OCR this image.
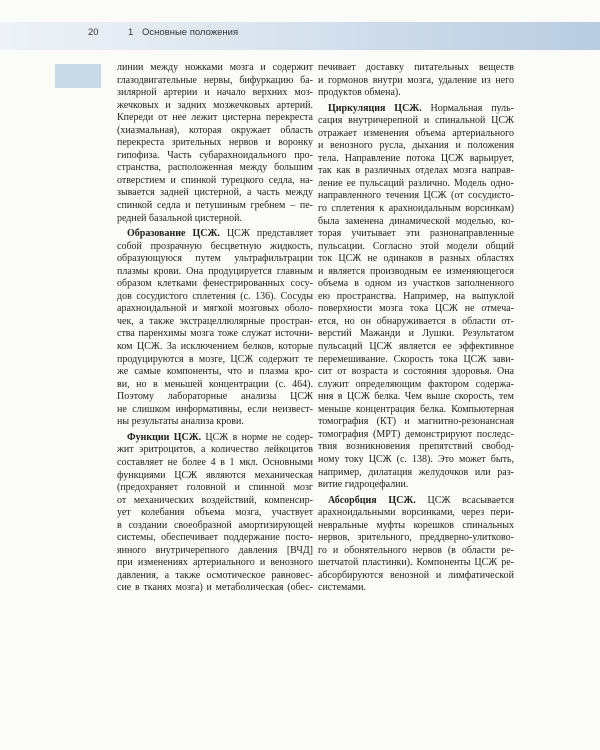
20	1 Основные положения
линии между ножками мозга и содержит
глазодвигательные нервы, бифуркацию ба-
зилярной артерии и начало верхних моз-
жечковых и задних мозжечковых артерий.
Кпереди от нее лежит цистерна перекреста
(хиазмальная), которая окружает область
перекреста зрительных нервов и воронку
гипофиза. Часть субарахноидального про-
странства, расположенная между большим
отверстием и спинкой турецкого седла, на-
зывается задней цистерной, а часть между
спинкой седла и петушиным гребнем – пе-
редней базальной цистерной.
Образование ЦСЖ. ЦСЖ представляет
собой прозрачную бесцветную жидкость,
образующуюся путем ультрафильтрации
плазмы крови. Она продуцируется главным
образом клетками фенестрированных сосу-
дов сосудистого сплетения (с. 136). Сосуды
арахноидальной и мягкой мозговых оболо-
чек, а также экстрацеллюлярные простран-
ства паренхимы мозга тоже служат источни-
ком ЦСЖ. За исключением белков, которые
продуцируются в мозге, ЦСЖ содержит те
же самые компоненты, что и плазма кро-
ви, но в меньшей концентрации (с. 464).
Поэтому лабораторные анализы ЦСЖ
не слишком информативны, если неизвест-
ны результаты анализа крови.
Функции ЦСЖ. ЦСЖ в норме не содер-
жит эритроцитов, а количество лейкоцитов
составляет не более 4 в 1 мкл. Основными
функциями ЦСЖ являются механическая
(предохраняет головной и спинной мозг
от механических воздействий, компенсир-
ует колебания объема мозга, участвует
в создании своеобразной амортизирующей
системы, обеспечивает поддержание посто-
янного внутричерепного давления [ВЧД]
при изменениях артериального и венозного
давления, а также осмотическое равновес-
сие в тканях мозга) и метаболическая (обес-
печивает доставку питательных веществ
и гормонов внутри мозга, удаление из него
продуктов обмена).
Циркуляция ЦСЖ. Нормальная пуль-
сация внутричерепной и спинальной ЦСЖ
отражает изменения объема артериального
и венозного русла, дыхания и положения
тела. Направление потока ЦСЖ варьирует,
так как в различных отделах мозга направ-
ление ее пульсаций различно. Модель одно-
направленного течения ЦСЖ (от сосудисто-
го сплетения к арахноидальным ворсинкам)
была заменена динамической моделью, ко-
торая учитывает эти разнонаправленные
пульсации. Согласно этой модели общий
ток ЦСЖ не одинаков в разных областях
и является производным ее изменяющегося
объема в одном из участков заполненного
ею пространства. Например, на выпуклой
поверхности мозга тока ЦСЖ не отмеча-
ется, но он обнаруживается в области от-
верстий Мажанди и Лушки. Результатом
пульсаций ЦСЖ является ее эффективное
перемешивание. Скорость тока ЦСЖ зави-
сит от возраста и состояния здоровья. Она
служит определяющим фактором содержа-
ния в ЦСЖ белка. Чем выше скорость, тем
меньше концентрация белка. Компьютерная
томография (КТ) и магнитно-резонансная
томография (МРТ) демонстрируют последс-
твия возникновения препятствий свобод-
ному току ЦСЖ (с. 138). Это может быть,
например, дилатация желудочков или раз-
витие гидроцефалии.
Абсорбция ЦСЖ. ЦСЖ всасывается
арахноидальными ворсинками, через пери-
невральные муфты корешков спинальных
нервов, зрительного, преддверно-улитково-
го и обонятельного нервов (в области ре-
шетчатой пластинки). Компоненты ЦСЖ ре-
абсорбируются венозной и лимфатической
системами.
